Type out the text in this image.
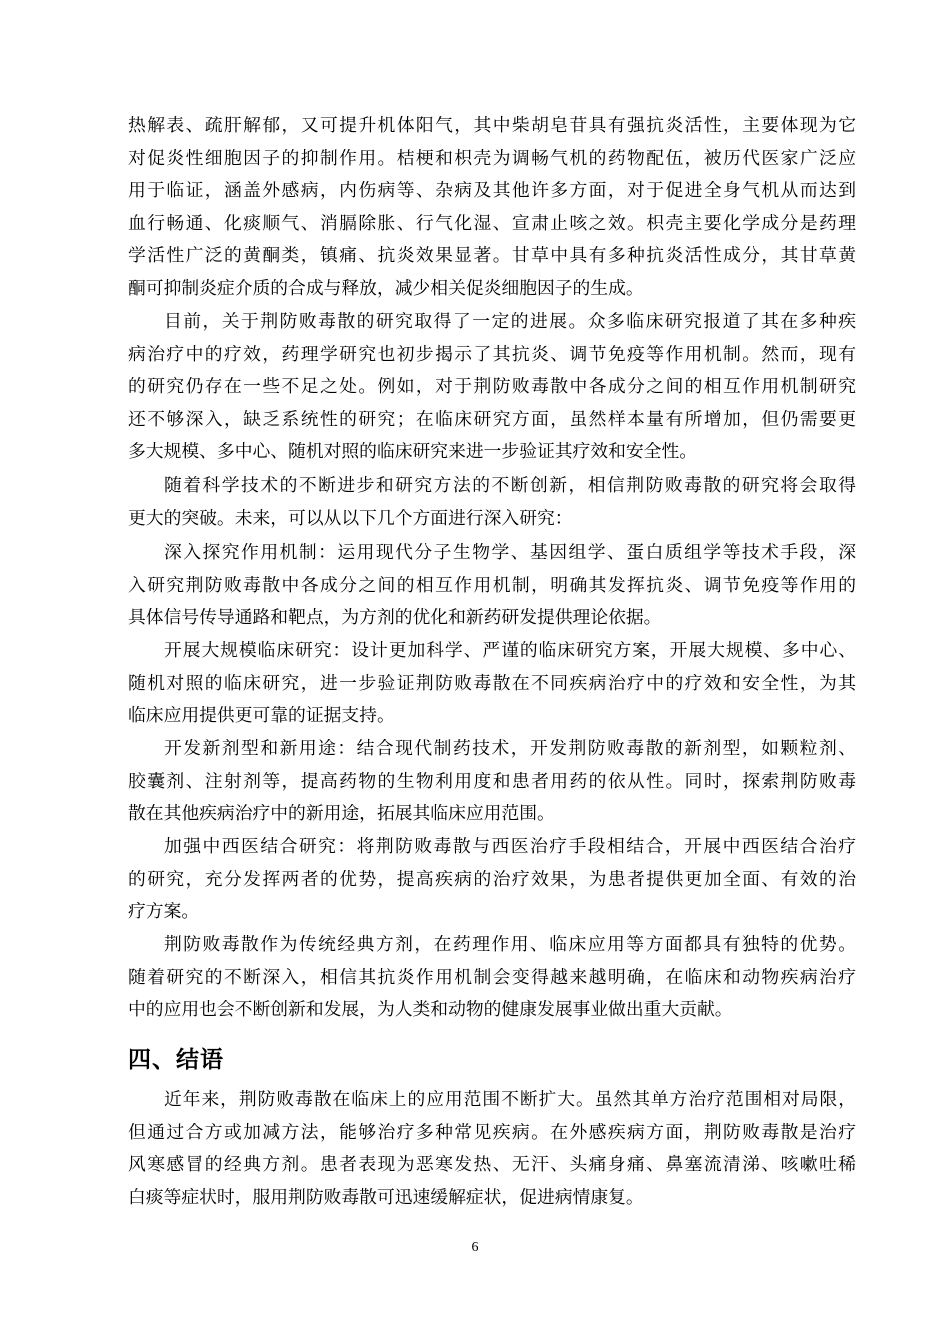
热解表、疏肝解郁，又可提升机体阳气，其中柴胡皂苷具有强抗炎活性，主要体现为它
对促炎性细胞因子的抑制作用。桔梗和枳壳为调畅气机的药物配伍，被历代医家广泛应
用于临证，涵盖外感病，内伤病等、杂病及其他许多方面，对于促进全身气机从而达到
血行畅通、化痰顺气、消膈除胀、行气化湿、宣肃止咳之效。枳壳主要化学成分是药理
学活性广泛的黄酮类，镇痛、抗炎效果显著。甘草中具有多种抗炎活性成分，其甘草黄
酮可抑制炎症介质的合成与释放，减少相关促炎细胞因子的生成。
目前，关于荆防败毒散的研究取得了一定的进展。众多临床研究报道了其在多种疾
病治疗中的疗效，药理学研究也初步揭示了其抗炎、调节免疫等作用机制。然而，现有
的研究仍存在一些不足之处。例如，对于荆防败毒散中各成分之间的相互作用机制研究
还不够深入，缺乏系统性的研究；在临床研究方面，虽然样本量有所增加，但仍需要更
多大规模、多中心、随机对照的临床研究来进一步验证其疗效和安全性。
随着科学技术的不断进步和研究方法的不断创新，相信荆防败毒散的研究将会取得
更大的突破。未来，可以从以下几个方面进行深入研究：
深入探究作用机制：运用现代分子生物学、基因组学、蛋白质组学等技术手段，深
入研究荆防败毒散中各成分之间的相互作用机制，明确其发挥抗炎、调节免疫等作用的
具体信号传导通路和靶点，为方剂的优化和新药研发提供理论依据。
开展大规模临床研究：设计更加科学、严谨的临床研究方案，开展大规模、多中心、
随机对照的临床研究，进一步验证荆防败毒散在不同疾病治疗中的疗效和安全性，为其
临床应用提供更可靠的证据支持。
开发新剂型和新用途：结合现代制药技术，开发荆防败毒散的新剂型，如颗粒剂、
胶囊剂、注射剂等，提高药物的生物利用度和患者用药的依从性。同时，探索荆防败毒
散在其他疾病治疗中的新用途，拓展其临床应用范围。
加强中西医结合研究：将荆防败毒散与西医治疗手段相结合，开展中西医结合治疗
的研究，充分发挥两者的优势，提高疾病的治疗效果，为患者提供更加全面、有效的治
疗方案。
荆防败毒散作为传统经典方剂，在药理作用、临床应用等方面都具有独特的优势。
随着研究的不断深入，相信其抗炎作用机制会变得越来越明确，在临床和动物疾病治疗
中的应用也会不断创新和发展，为人类和动物的健康发展事业做出重大贡献。
四、结语
近年来，荆防败毒散在临床上的应用范围不断扩大。虽然其单方治疗范围相对局限，
但通过合方或加减方法，能够治疗多种常见疾病。在外感疾病方面，荆防败毒散是治疗
风寒感冒的经典方剂。患者表现为恶寒发热、无汗、头痛身痛、鼻塞流清涕、咳嗽吐稀
白痰等症状时，服用荆防败毒散可迅速缓解症状，促进病情康复。
6
